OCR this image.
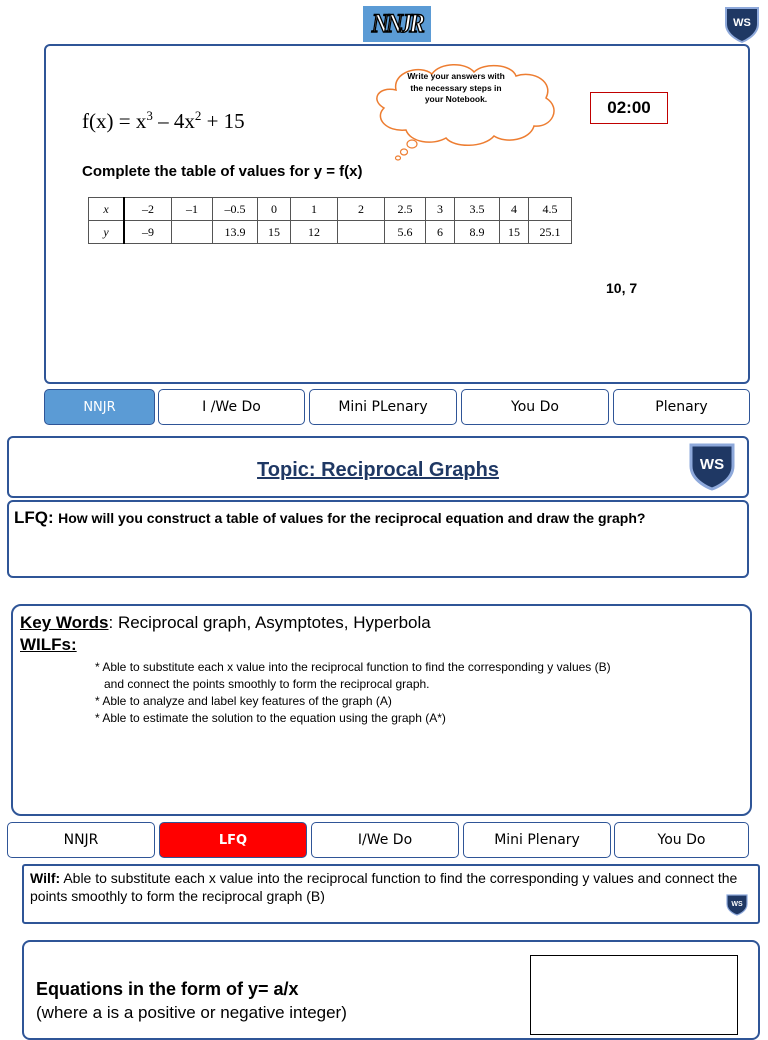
NNJR	WS
$f(x) = x^3 - 4x^2 + 15$
Write your answers with the necessary steps in your Notebook.	02:00
Complete the table of values for y = f(x)
x	–2	–1	–0.5	0	1	2	2.5	3	3.5	4	4.5
y	–9		13.9	15	12		5.6	6	8.9	15	25.1
10, 7
NNJR	I /We Do	Mini PLenary	You Do	Plenary
Topic: Reciprocal Graphs	WS
LFQ: How will you construct a table of values for the reciprocal equation and draw the graph?
Key Words: Reciprocal graph, Asymptotes, Hyperbola
WILFs:
* Able to substitute each x value into the reciprocal function to find the corresponding y values (B)
and connect the points smoothly to form the reciprocal graph.
* Able to analyze and label key features of the graph (A)
* Able to estimate the solution to the equation using the graph (A*)
NNJR	LFQ	I/We Do	Mini Plenary	You Do
Wilf: Able to substitute each x value into the reciprocal function to find the corresponding y values and connect the points smoothly to form the reciprocal graph (B)
WS
Equations in the form of y= a/x
(where a is a positive or negative integer)
